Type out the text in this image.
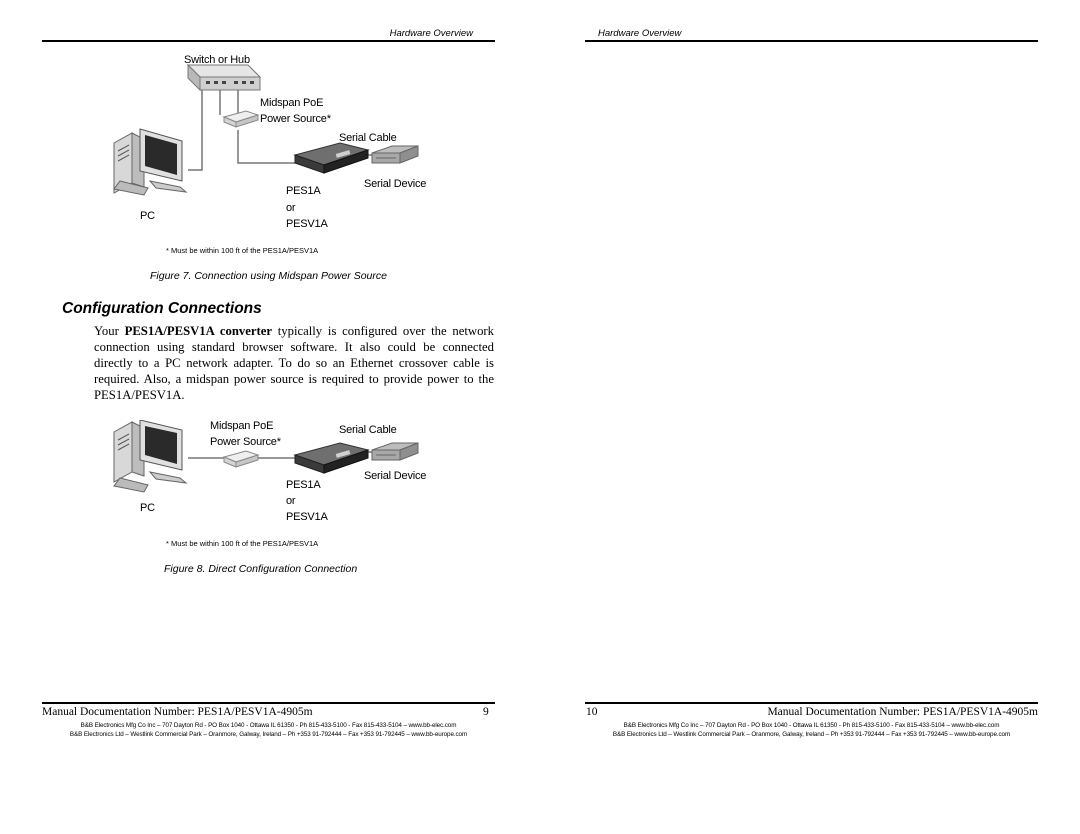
Hardware Overview
Switch or Hub
Midspan PoE
Power Source*
Serial Cable
Serial Device
PES1A
or
PESV1A
PC
* Must be within 100 ft of the PES1A/PESV1A
Figure 7. Connection using Midspan Power Source
Configuration Connections
Your PES1A/PESV1A converter typically is configured over the network connection using standard browser software. It also could be connected directly to a PC network adapter. To do so an Ethernet crossover cable is required. Also, a midspan power source is required to provide power to the PES1A/PESV1A.
Midspan PoE
Power Source*
Serial Cable
Serial Device
PES1A
or
PESV1A
PC
* Must be within 100 ft of the PES1A/PESV1A
Figure 8. Direct Configuration Connection
Manual Documentation Number: PES1A/PESV1A-4905m	9
B&B Electronics Mfg Co Inc – 707 Dayton Rd - PO Box 1040 - Ottawa IL 61350 - Ph 815-433-5100 - Fax 815-433-5104 – www.bb-elec.com
B&B Electronics Ltd – Westlink Commercial Park – Oranmore, Galway, Ireland – Ph +353 91-792444 – Fax +353 91-792445 – www.bb-europe.com
Hardware Overview
10	Manual Documentation Number: PES1A/PESV1A-4905m
B&B Electronics Mfg Co Inc – 707 Dayton Rd - PO Box 1040 - Ottawa IL 61350 - Ph 815-433-5100 - Fax 815-433-5104 – www.bb-elec.com
B&B Electronics Ltd – Westlink Commercial Park – Oranmore, Galway, Ireland – Ph +353 91-792444 – Fax +353 91-792445 – www.bb-europe.com
